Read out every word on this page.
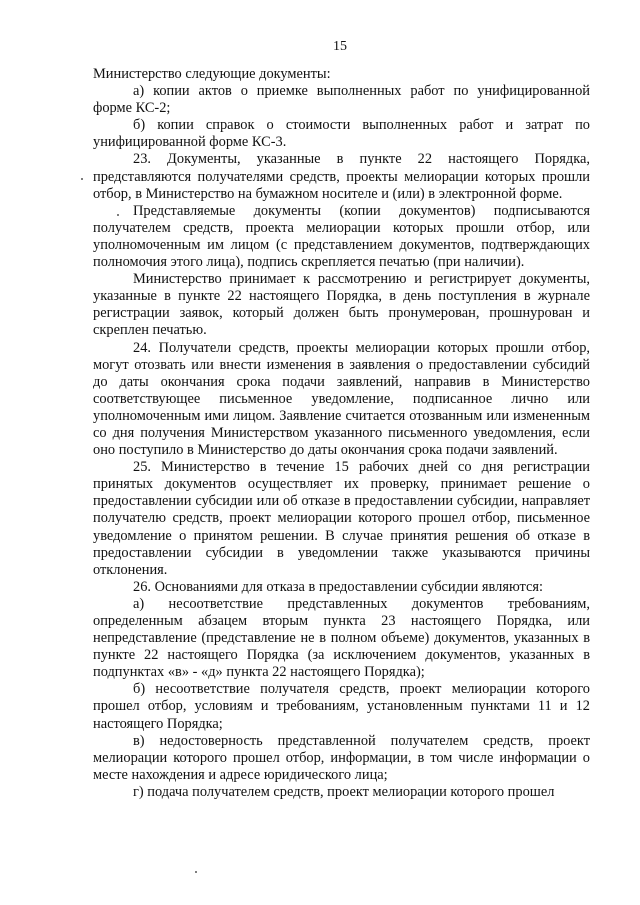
15

Министерство следующие документы:

а) копии актов о приемке выполненных работ по унифицированной форме КС-2;

б) копии справок о стоимости выполненных работ и затрат по унифицированной форме КС-3.

23. Документы, указанные в пункте 22 настоящего Порядка, представляются получателями средств, проекты мелиорации которых прошли отбор, в Министерство на бумажном носителе и (или) в электронной форме.

Представляемые документы (копии документов) подписываются получателем средств, проекта мелиорации которых прошли отбор, или уполномоченным им лицом (с представлением документов, подтверждающих полномочия этого лица), подпись скрепляется печатью (при наличии).

Министерство принимает к рассмотрению и регистрирует документы, указанные в пункте 22 настоящего Порядка, в день поступления в журнале регистрации заявок, который должен быть пронумерован, прошнурован и скреплен печатью.

24. Получатели средств, проекты мелиорации которых прошли отбор, могут отозвать или внести изменения в заявления о предоставлении субсидий до даты окончания срока подачи заявлений, направив в Министерство соответствующее письменное уведомление, подписанное лично или уполномоченным ими лицом. Заявление считается отозванным или измененным со дня получения Министерством указанного письменного уведомления, если оно поступило в Министерство до даты окончания срока подачи заявлений.

25. Министерство в течение 15 рабочих дней со дня регистрации принятых документов осуществляет их проверку, принимает решение о предоставлении субсидии или об отказе в предоставлении субсидии, направляет получателю средств, проект мелиорации которого прошел отбор, письменное уведомление о принятом решении. В случае принятия решения об отказе в предоставлении субсидии в уведомлении также указываются причины отклонения.

26. Основаниями для отказа в предоставлении субсидии являются:

а) несоответствие представленных документов требованиям, определенным абзацем вторым пункта 23 настоящего Порядка, или непредставление (представление не в полном объеме) документов, указанных в пункте 22 настоящего Порядка (за исключением документов, указанных в подпунктах «в» - «д» пункта 22 настоящего Порядка);

б) несоответствие получателя средств, проект мелиорации которого прошел отбор, условиям и требованиям, установленным пунктами 11 и 12 настоящего Порядка;

в) недостоверность представленной получателем средств, проект мелиорации которого прошел отбор, информации, в том числе информации о месте нахождения и адресе юридического лица;

г) подача получателем средств, проект мелиорации которого прошел
